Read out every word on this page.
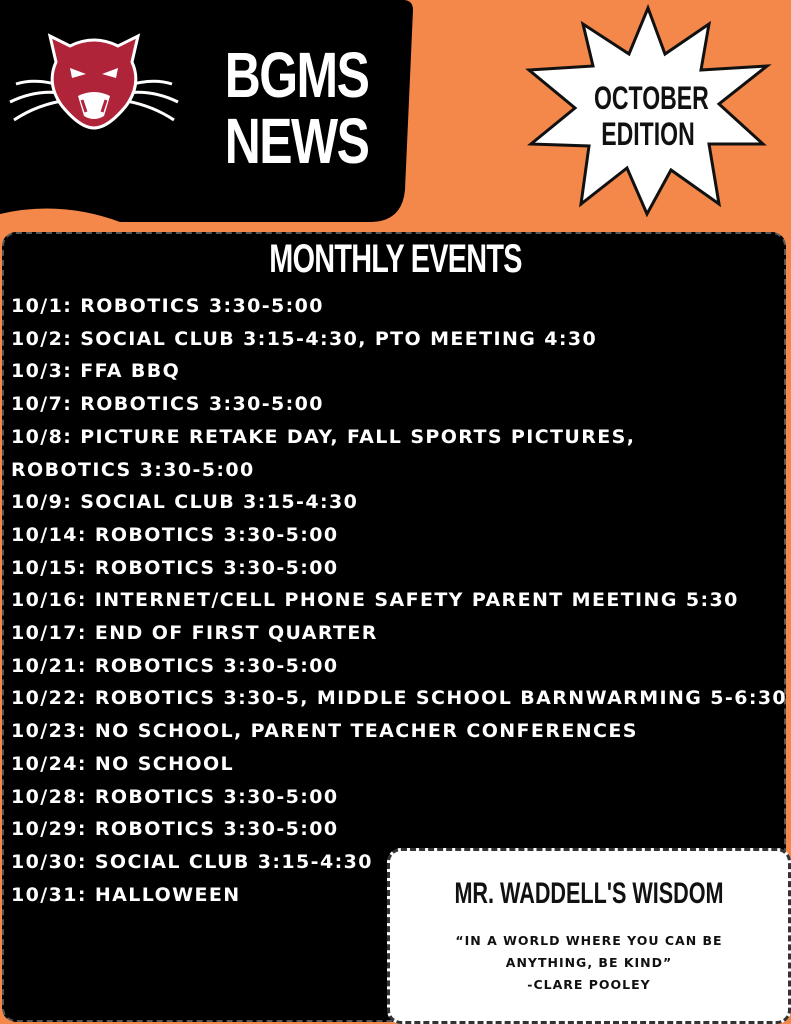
BGMS
NEWS
OCTOBER
EDITION
MONTHLY EVENTS
10/1: ROBOTICS 3:30-5:00
10/2: SOCIAL CLUB 3:15-4:30, PTO MEETING 4:30
10/3: FFA BBQ
10/7: ROBOTICS 3:30-5:00
10/8: PICTURE RETAKE DAY, FALL SPORTS PICTURES,
ROBOTICS 3:30-5:00
10/9: SOCIAL CLUB 3:15-4:30
10/14: ROBOTICS 3:30-5:00
10/15: ROBOTICS 3:30-5:00
10/16: INTERNET/CELL PHONE SAFETY PARENT MEETING 5:30
10/17: END OF FIRST QUARTER
10/21: ROBOTICS 3:30-5:00
10/22: ROBOTICS 3:30-5, MIDDLE SCHOOL BARNWARMING 5-6:30
10/23: NO SCHOOL, PARENT TEACHER CONFERENCES
10/24: NO SCHOOL
10/28: ROBOTICS 3:30-5:00
10/29: ROBOTICS 3:30-5:00
10/30: SOCIAL CLUB 3:15-4:30
10/31: HALLOWEEN	MR. WADDELL'S WISDOM
“IN A WORLD WHERE YOU CAN BE
ANYTHING, BE KIND”
-CLARE POOLEY
